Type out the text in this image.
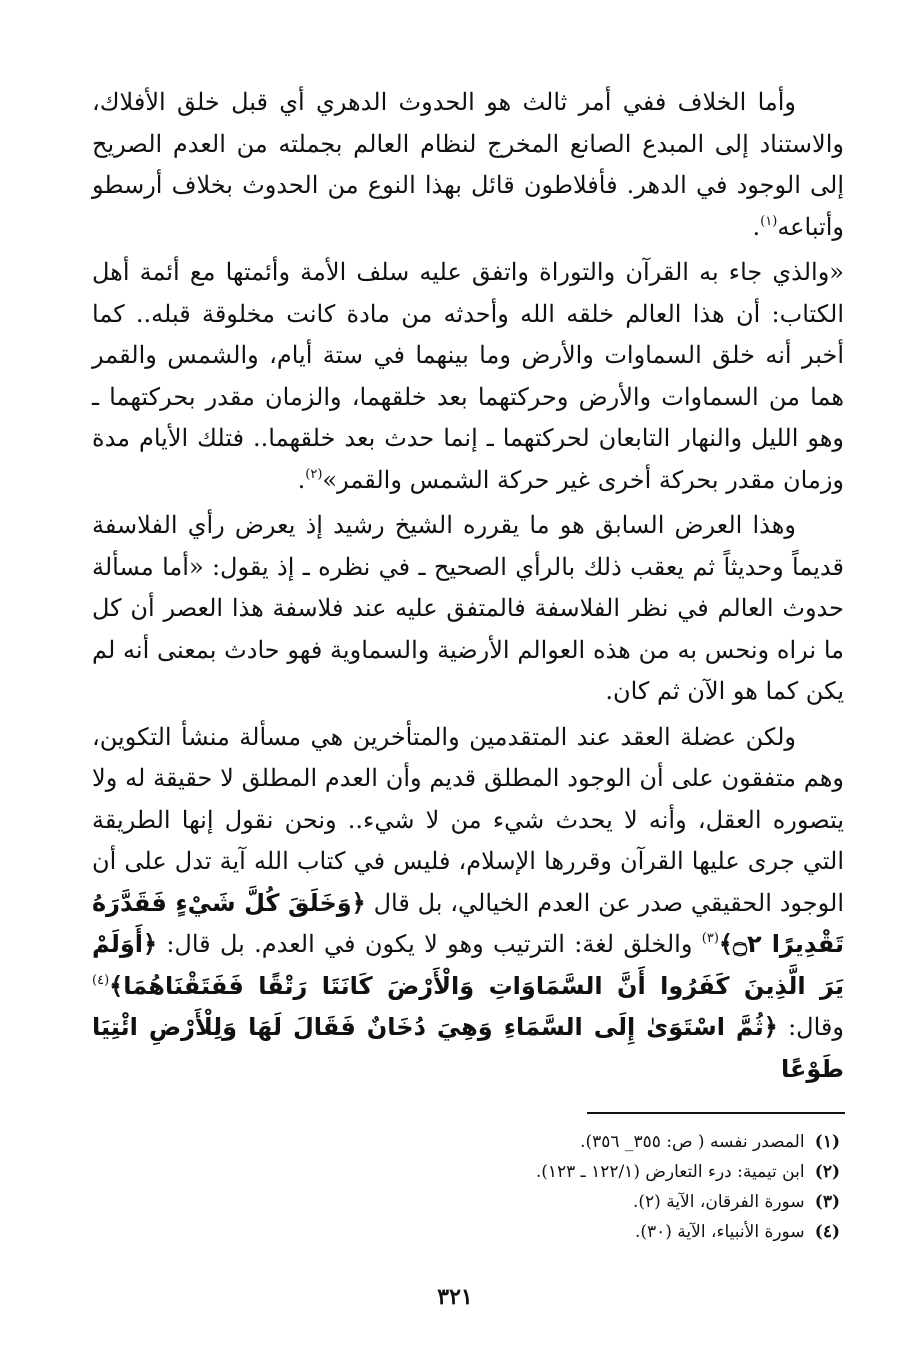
وأما الخلاف ففي أمر ثالث هو الحدوث الدهري أي قبل خلق الأفلاك، والاستناد إلى المبدع الصانع المخرج لنظام العالم بجملته من العدم الصريح إلى الوجود في الدهر. فأفلاطون قائل بهذا النوع من الحدوث بخلاف أرسطو وأتباعه$^{(١)}$.

«والذي جاء به القرآن والتوراة واتفق عليه سلف الأمة وأئمتها مع أئمة أهل الكتاب: أن هذا العالم خلقه الله وأحدثه من مادة كانت مخلوقة قبله.. كما أخبر أنه خلق السماوات والأرض وما بينهما في ستة أيام، والشمس والقمر هما من السماوات والأرض وحركتهما بعد خلقهما، والزمان مقدر بحركتهما ـ وهو الليل والنهار التابعان لحركتهما ـ إنما حدث بعد خلقهما.. فتلك الأيام مدة وزمان مقدر بحركة أخرى غير حركة الشمس والقمر»$^{(٢)}$.

وهذا العرض السابق هو ما يقرره الشيخ رشيد إذ يعرض رأي الفلاسفة قديماً وحديثاً ثم يعقب ذلك بالرأي الصحيح ـ في نظره ـ إذ يقول: «أما مسألة حدوث العالم في نظر الفلاسفة فالمتفق عليه عند فلاسفة هذا العصر أن كل ما نراه ونحس به من هذه العوالم الأرضية والسماوية فهو حادث بمعنى أنه لم يكن كما هو الآن ثم كان.

ولكن عضلة العقد عند المتقدمين والمتأخرين هي مسألة منشأ التكوين، وهم متفقون على أن الوجود المطلق قديم وأن العدم المطلق لا حقيقة له ولا يتصوره العقل، وأنه لا يحدث شيء من لا شيء.. ونحن نقول إنها الطريقة التي جرى عليها القرآن وقررها الإسلام، فليس في كتاب الله آية تدل على أن الوجود الحقيقي صدر عن العدم الخيالي، بل قال ﴿وَخَلَقَ كُلَّ شَيْءٍ فَقَدَّرَهُ تَقْدِيرًا ۝٢﴾$^{(٣)}$ والخلق لغة: الترتيب وهو لا يكون في العدم. بل قال: ﴿أَوَلَمْ يَرَ الَّذِينَ كَفَرُوا أَنَّ السَّمَاوَاتِ وَالْأَرْضَ كَانَتَا رَتْقًا فَفَتَقْنَاهُمَا﴾$^{(٤)}$ وقال: ﴿ثُمَّ اسْتَوَىٰ إِلَى السَّمَاءِ وَهِيَ دُخَانٌ فَقَالَ لَهَا وَلِلْأَرْضِ ائْتِيَا طَوْعًا

(١) المصدر نفسه ( ص: ٣٥٥_ ٣٥٦).
(٢) ابن تيمية: درء التعارض (١٢٢/١ ـ ١٢٣).
(٣) سورة الفرقان، الآية (٢).
(٤) سورة الأنبياء، الآية (٣٠).
٣٢١
